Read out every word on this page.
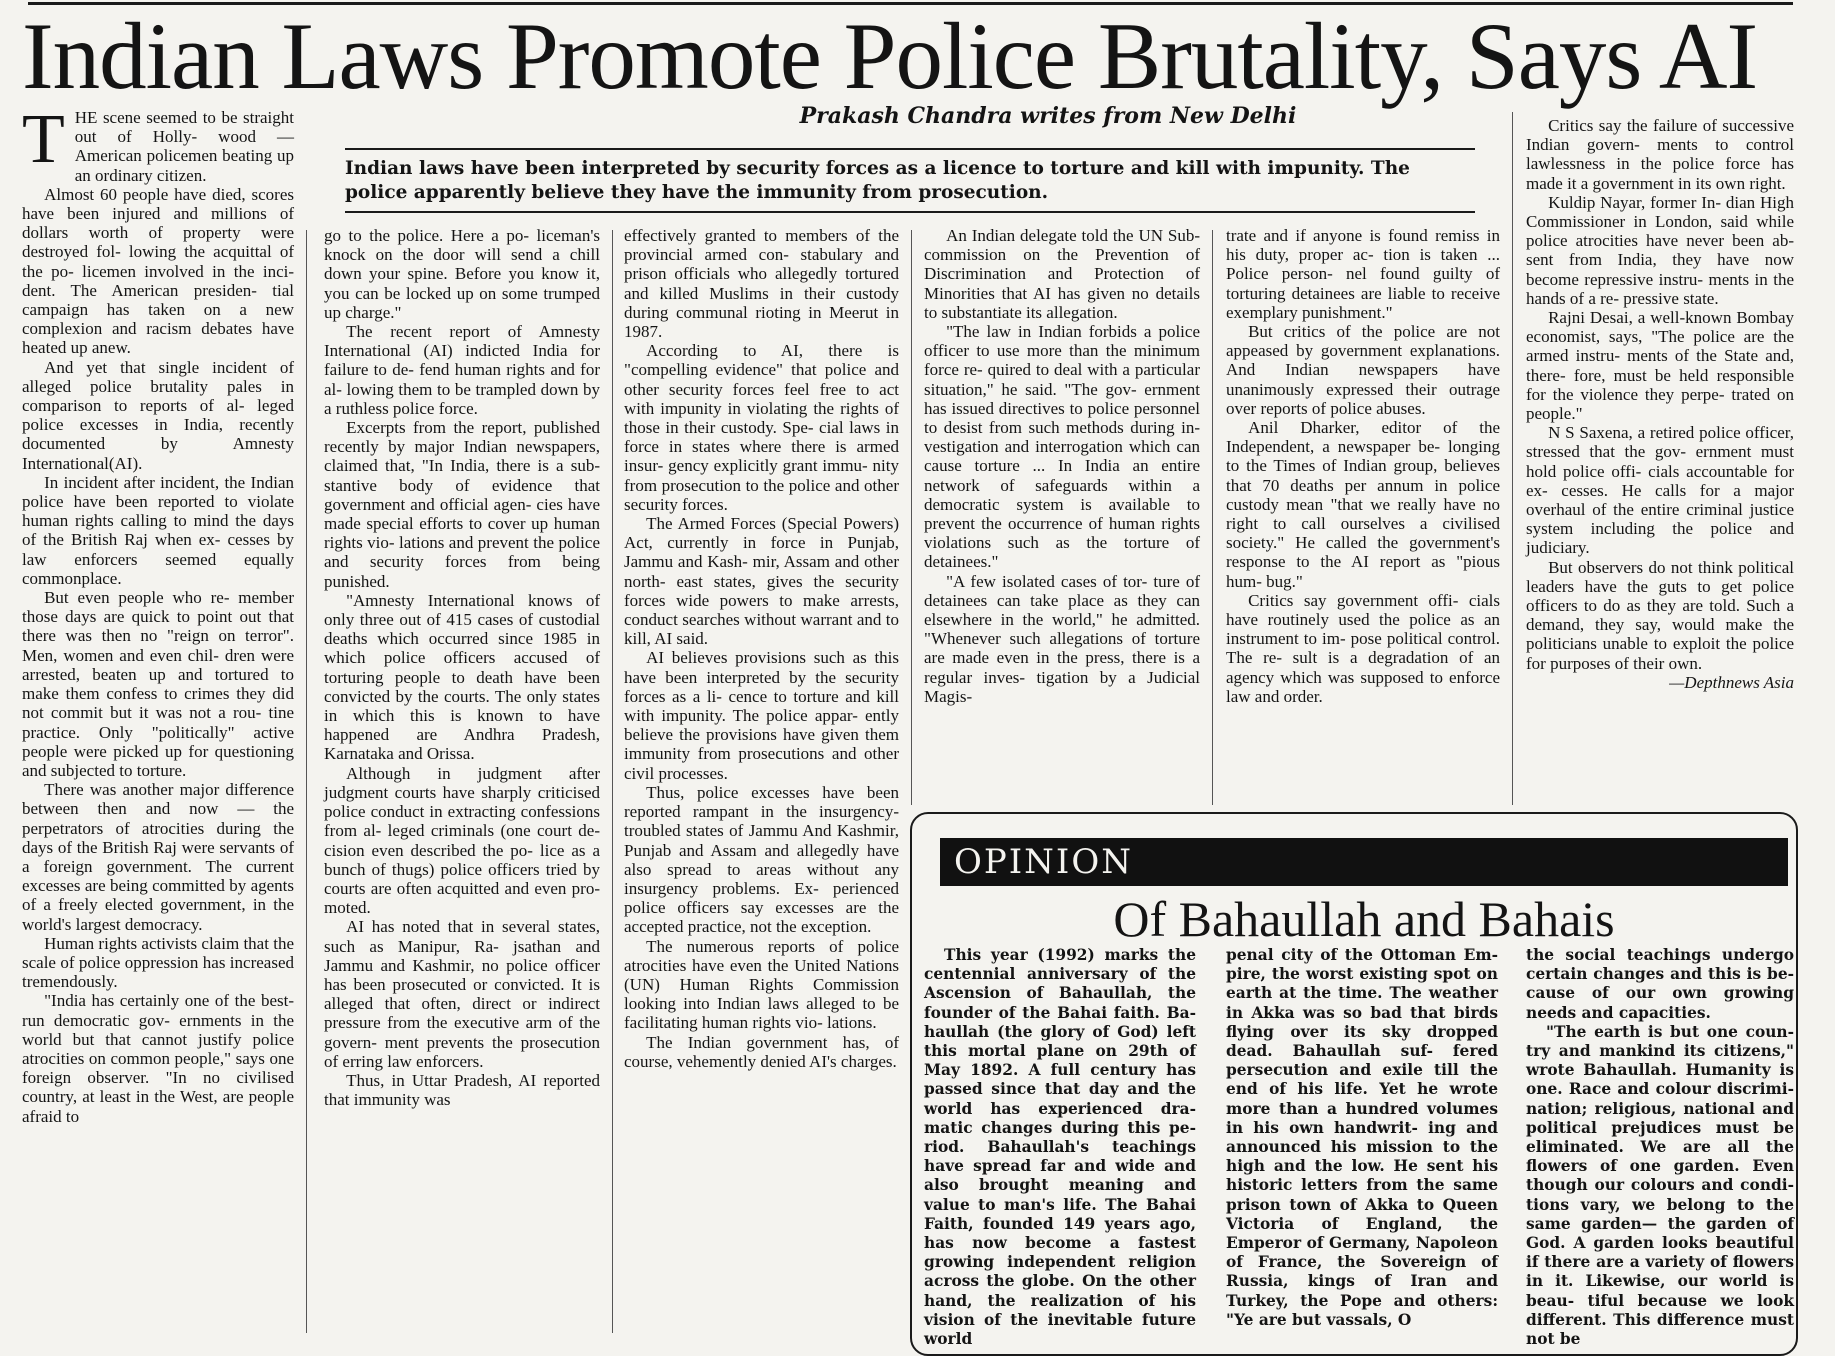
Indian Laws Promote Police Brutality, Says AI

THE scene seemed to be straight out of Holly- wood — American policemen beating up an ordinary citizen.

Almost 60 people have died, scores have been injured and millions of dollars worth of property were destroyed fol- lowing the acquittal of the po- licemen involved in the inci- dent. The American presiden- tial campaign has taken on a new complexion and racism debates have heated up anew.

And yet that single incident of alleged police brutality pales in comparison to reports of al- leged police excesses in India, recently documented by Amnesty International(AI).

In incident after incident, the Indian police have been reported to violate human rights calling to mind the days of the British Raj when ex- cesses by law enforcers seemed equally commonplace.

But even people who re- member those days are quick to point out that there was then no "reign on terror". Men, women and even chil- dren were arrested, beaten up and tortured to make them confess to crimes they did not commit but it was not a rou- tine practice. Only "politically" active people were picked up for questioning and subjected to torture.

There was another major difference between then and now — the perpetrators of atrocities during the days of the British Raj were servants of a foreign government. The current excesses are being committed by agents of a freely elected government, in the world's largest democracy.

Human rights activists claim that the scale of police oppression has increased tremendously.

"India has certainly one of the best-run democratic gov- ernments in the world but that cannot justify police atrocities on common people," says one foreign observer. "In no civilised country, at least in the West, are people afraid to

Prakash Chandra writes from New Delhi
Indian laws have been interpreted by security forces as a licence to torture and kill with impunity. The police apparently believe they have the immunity from prosecution.

go to the police. Here a po- liceman's knock on the door will send a chill down your spine. Before you know it, you can be locked up on some trumped up charge."

The recent report of Amnesty International (AI) indicted India for failure to de- fend human rights and for al- lowing them to be trampled down by a ruthless police force.

Excerpts from the report, published recently by major Indian newspapers, claimed that, "In India, there is a sub- stantive body of evidence that government and official agen- cies have made special efforts to cover up human rights vio- lations and prevent the police and security forces from being punished.

"Amnesty International knows of only three out of 415 cases of custodial deaths which occurred since 1985 in which police officers accused of torturing people to death have been convicted by the courts. The only states in which this is known to have happened are Andhra Pradesh, Karnataka and Orissa.

Although in judgment after judgment courts have sharply criticised police conduct in extracting confessions from al- leged criminals (one court de- cision even described the po- lice as a bunch of thugs) police officers tried by courts are often acquitted and even pro- moted.

AI has noted that in several states, such as Manipur, Ra- jsathan and Jammu and Kashmir, no police officer has been prosecuted or convicted. It is alleged that often, direct or indirect pressure from the executive arm of the govern- ment prevents the prosecution of erring law enforcers.

Thus, in Uttar Pradesh, AI reported that immunity was

effectively granted to members of the provincial armed con- stabulary and prison officials who allegedly tortured and killed Muslims in their custody during communal rioting in Meerut in 1987.

According to AI, there is "compelling evidence" that police and other security forces feel free to act with impunity in violating the rights of those in their custody. Spe- cial laws in force in states where there is armed insur- gency explicitly grant immu- nity from prosecution to the police and other security forces.

The Armed Forces (Special Powers) Act, currently in force in Punjab, Jammu and Kash- mir, Assam and other north- east states, gives the security forces wide powers to make arrests, conduct searches without warrant and to kill, AI said.

AI believes provisions such as this have been interpreted by the security forces as a li- cence to torture and kill with impunity. The police appar- ently believe the provisions have given them immunity from prosecutions and other civil processes.

Thus, police excesses have been reported rampant in the insurgency-troubled states of Jammu And Kashmir, Punjab and Assam and allegedly have also spread to areas without any insurgency problems. Ex- perienced police officers say excesses are the accepted practice, not the exception.

The numerous reports of police atrocities have even the United Nations (UN) Human Rights Commission looking into Indian laws alleged to be facilitating human rights vio- lations.

The Indian government has, of course, vehemently denied AI's charges.

An Indian delegate told the UN Sub-commission on the Prevention of Discrimination and Protection of Minorities that AI has given no details to substantiate its allegation.

"The law in Indian forbids a police officer to use more than the minimum force re- quired to deal with a particular situation," he said. "The gov- ernment has issued directives to police personnel to desist from such methods during in- vestigation and interrogation which can cause torture ... In India an entire network of safeguards within a democratic system is available to prevent the occurrence of human rights violations such as the torture of detainees."

"A few isolated cases of tor- ture of detainees can take place as they can elsewhere in the world," he admitted. "Whenever such allegations of torture are made even in the press, there is a regular inves- tigation by a Judicial Magis-

trate and if anyone is found remiss in his duty, proper ac- tion is taken ... Police person- nel found guilty of torturing detainees are liable to receive exemplary punishment."

But critics of the police are not appeased by government explanations. And Indian newspapers have unanimously expressed their outrage over reports of police abuses.

Anil Dharker, editor of the Independent, a newspaper be- longing to the Times of Indian group, believes that 70 deaths per annum in police custody mean "that we really have no right to call ourselves a civilised society." He called the government's response to the AI report as "pious hum- bug."

Critics say government offi- cials have routinely used the police as an instrument to im- pose political control. The re- sult is a degradation of an agency which was supposed to enforce law and order.

Critics say the failure of successive Indian govern- ments to control lawlessness in the police force has made it a government in its own right.

Kuldip Nayar, former In- dian High Commissioner in London, said while police atrocities have never been ab- sent from India, they have now become repressive instru- ments in the hands of a re- pressive state.

Rajni Desai, a well-known Bombay economist, says, "The police are the armed instru- ments of the State and, there- fore, must be held responsible for the violence they perpe- trated on people."

N S Saxena, a retired police officer, stressed that the gov- ernment must hold police offi- cials accountable for ex- cesses. He calls for a major overhaul of the entire criminal justice system including the police and judiciary.

But observers do not think political leaders have the guts to get police officers to do as they are told. Such a demand, they say, would make the politicians unable to exploit the police for purposes of their own.

—Depthnews Asia

OPINION
Of Bahaullah and Bahais

This year (1992) marks the centennial anniversary of the Ascension of Bahaullah, the founder of the Bahai faith. Ba- haullah (the glory of God) left this mortal plane on 29th of May 1892. A full century has passed since that day and the world has experienced dra- matic changes during this pe- riod. Bahaullah's teachings have spread far and wide and also brought meaning and value to man's life. The Bahai Faith, founded 149 years ago, has now become a fastest growing independent religion across the globe. On the other hand, the realization of his vision of the inevitable future world

penal city of the Ottoman Em- pire, the worst existing spot on earth at the time. The weather in Akka was so bad that birds flying over its sky dropped dead. Bahaullah suf- fered persecution and exile till the end of his life. Yet he wrote more than a hundred volumes in his own handwrit- ing and announced his mission to the high and the low. He sent his historic letters from the same prison town of Akka to Queen Victoria of England, the Emperor of Germany, Napoleon of France, the Sovereign of Russia, kings of Iran and Turkey, the Pope and others: "Ye are but vassals, O

the social teachings undergo certain changes and this is be- cause of our own growing needs and capacities.

"The earth is but one coun- try and mankind its citizens," wrote Bahaullah. Humanity is one. Race and colour discrimi- nation; religious, national and political prejudices must be eliminated. We are all the flowers of one garden. Even though our colours and condi- tions vary, we belong to the same garden— the garden of God. A garden looks beautiful if there are a variety of flowers in it. Likewise, our world is beau- tiful because we look different. This difference must not be
